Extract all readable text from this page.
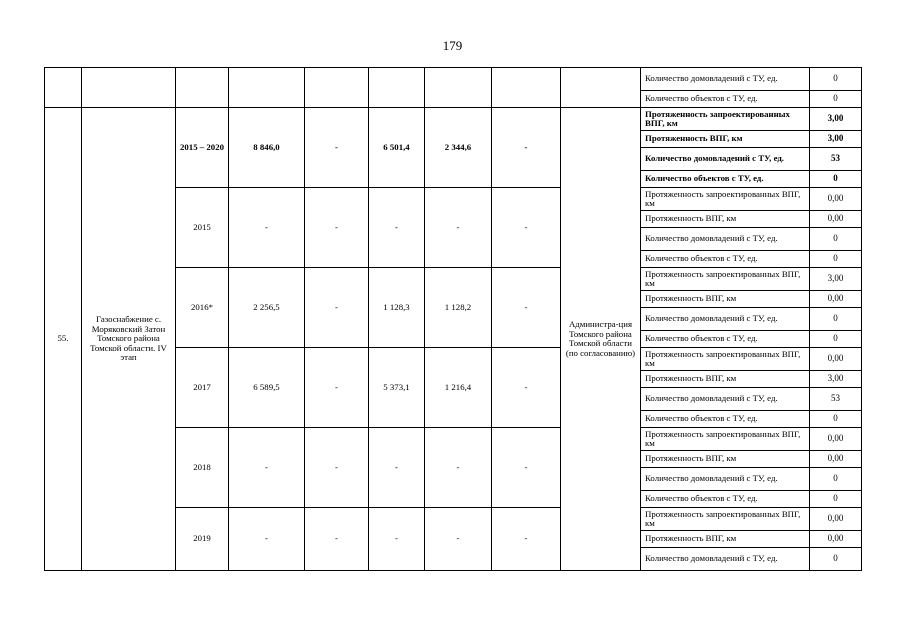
179
									Количество домовладений с ТУ, ед.	0
									Количество объектов с ТУ, ед.	0
55.	Газоснабжение с. Моряковский Затон Томского района Томской области. IV этап	2015 – 2020	8 846,0	-	6 501,4	2 344,6	-	Администра-ция Томского района Томской области (по согласованию)	Протяженность запроектированных ВПГ, км	3,00
									Протяженность ВПГ, км	3,00
									Количество домовладений с ТУ, ед.	53
									Количество объектов с ТУ, ед.	0
		2015	-	-	-	-	-		Протяженность запроектированных ВПГ, км	0,00
									Протяженность ВПГ, км	0,00
									Количество домовладений с ТУ, ед.	0
									Количество объектов с ТУ, ед.	0
		2016*	2 256,5	-	1 128,3	1 128,2	-		Протяженность запроектированных ВПГ, км	3,00
									Протяженность ВПГ, км	0,00
									Количество домовладений с ТУ, ед.	0
									Количество объектов с ТУ, ед.	0
		2017	6 589,5	-	5 373,1	1 216,4	-		Протяженность запроектированных ВПГ, км	0,00
									Протяженность ВПГ, км	3,00
									Количество домовладений с ТУ, ед.	53
									Количество объектов с ТУ, ед.	0
		2018	-	-	-	-	-		Протяженность запроектированных ВПГ, км	0,00
									Протяженность ВПГ, км	0,00
									Количество домовладений с ТУ, ед.	0
									Количество объектов с ТУ, ед.	0
		2019	-	-	-	-	-		Протяженность запроектированных ВПГ, км	0,00
									Протяженность ВПГ, км	0,00
									Количество домовладений с ТУ, ед.	0
